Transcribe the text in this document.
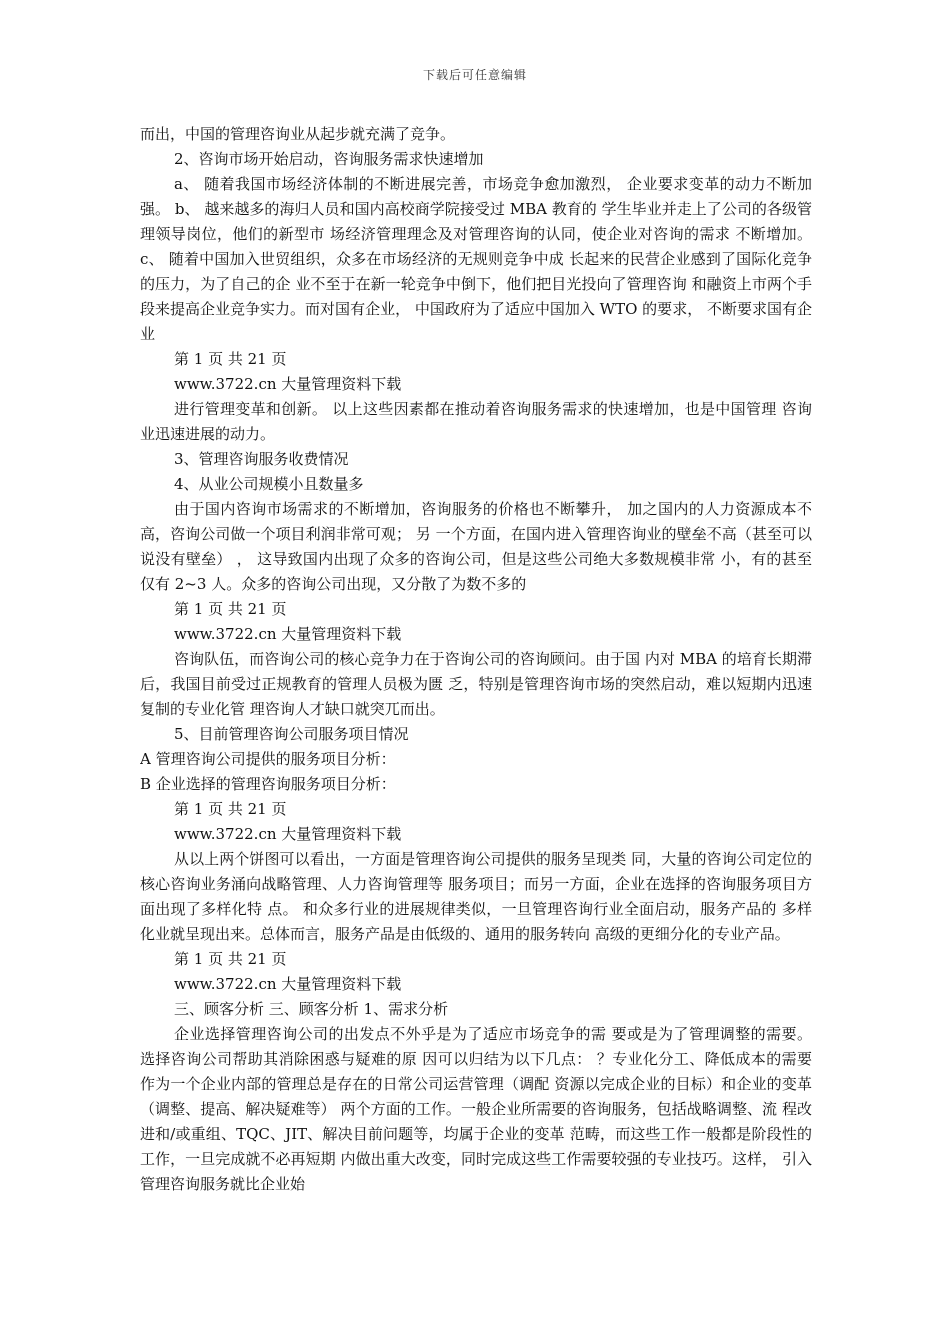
下载后可任意编辑

而出，中国的管理咨询业从起步就充满了竞争。

2、咨询市场开始启动，咨询服务需求快速增加

a、 随着我国市场经济体制的不断进展完善，市场竞争愈加激烈， 企业要求变革的动力不断加强。 b、 越来越多的海归人员和国内高校商学院接受过 MBA 教育的 学生毕业并走上了公司的各级管理领导岗位，他们的新型市 场经济管理理念及对管理咨询的认同，使企业对咨询的需求 不断增加。 c、 随着中国加入世贸组织，众多在市场经济的无规则竞争中成 长起来的民营企业感到了国际化竞争的压力，为了自己的企 业不至于在新一轮竞争中倒下，他们把目光投向了管理咨询 和融资上市两个手段来提高企业竞争实力。而对国有企业， 中国政府为了适应中国加入 WTO 的要求， 不断要求国有企业

第 1 页 共 21 页

www.3722.cn 大量管理资料下载

进行管理变革和创新。 以上这些因素都在推动着咨询服务需求的快速增加，也是中国管理 咨询业迅速进展的动力。

3、管理咨询服务收费情况

4、从业公司规模小且数量多

由于国内咨询市场需求的不断增加，咨询服务的价格也不断攀升， 加之国内的人力资源成本不高，咨询公司做一个项目利润非常可观； 另 一个方面，在国内进入管理咨询业的壁垒不高（甚至可以说没有壁垒） ， 这导致国内出现了众多的咨询公司，但是这些公司绝大多数规模非常 小，有的甚至仅有 2~3 人。众多的咨询公司出现，又分散了为数不多的

第 1 页 共 21 页

www.3722.cn 大量管理资料下载

咨询队伍，而咨询公司的核心竞争力在于咨询公司的咨询顾问。由于国 内对 MBA 的培育长期滞后，我国目前受过正规教育的管理人员极为匮 乏，特别是管理咨询市场的突然启动，难以短期内迅速复制的专业化管 理咨询人才缺口就突兀而出。

5、目前管理咨询公司服务项目情况

A 管理咨询公司提供的服务项目分析：

B 企业选择的管理咨询服务项目分析：

第 1 页 共 21 页

www.3722.cn 大量管理资料下载

从以上两个饼图可以看出，一方面是管理咨询公司提供的服务呈现类 同，大量的咨询公司定位的核心咨询业务涌向战略管理、人力咨询管理等 服务项目；而另一方面，企业在选择的咨询服务项目方面出现了多样化特 点。 和众多行业的进展规律类似，一旦管理咨询行业全面启动，服务产品的 多样化业就呈现出来。总体而言，服务产品是由低级的、通用的服务转向 高级的更细分化的专业产品。

第 1 页 共 21 页

www.3722.cn 大量管理资料下载

三、顾客分析 三、顾客分析 1、需求分析

企业选择管理咨询公司的出发点不外乎是为了适应市场竞争的需 要或是为了管理调整的需要。 选择咨询公司帮助其消除困惑与疑难的原 因可以归结为以下几点： ？专业化分工、降低成本的需要 作为一个企业内部的管理总是存在的日常公司运营管理（调配 资源以完成企业的目标）和企业的变革（调整、提高、解决疑难等） 两个方面的工作。一般企业所需要的咨询服务，包括战略调整、流 程改进和/或重组、TQC、JIT、解决目前问题等，均属于企业的变革 范畴，而这些工作一般都是阶段性的工作，一旦完成就不必再短期 内做出重大改变，同时完成这些工作需要较强的专业技巧。这样， 引入管理咨询服务就比企业始
